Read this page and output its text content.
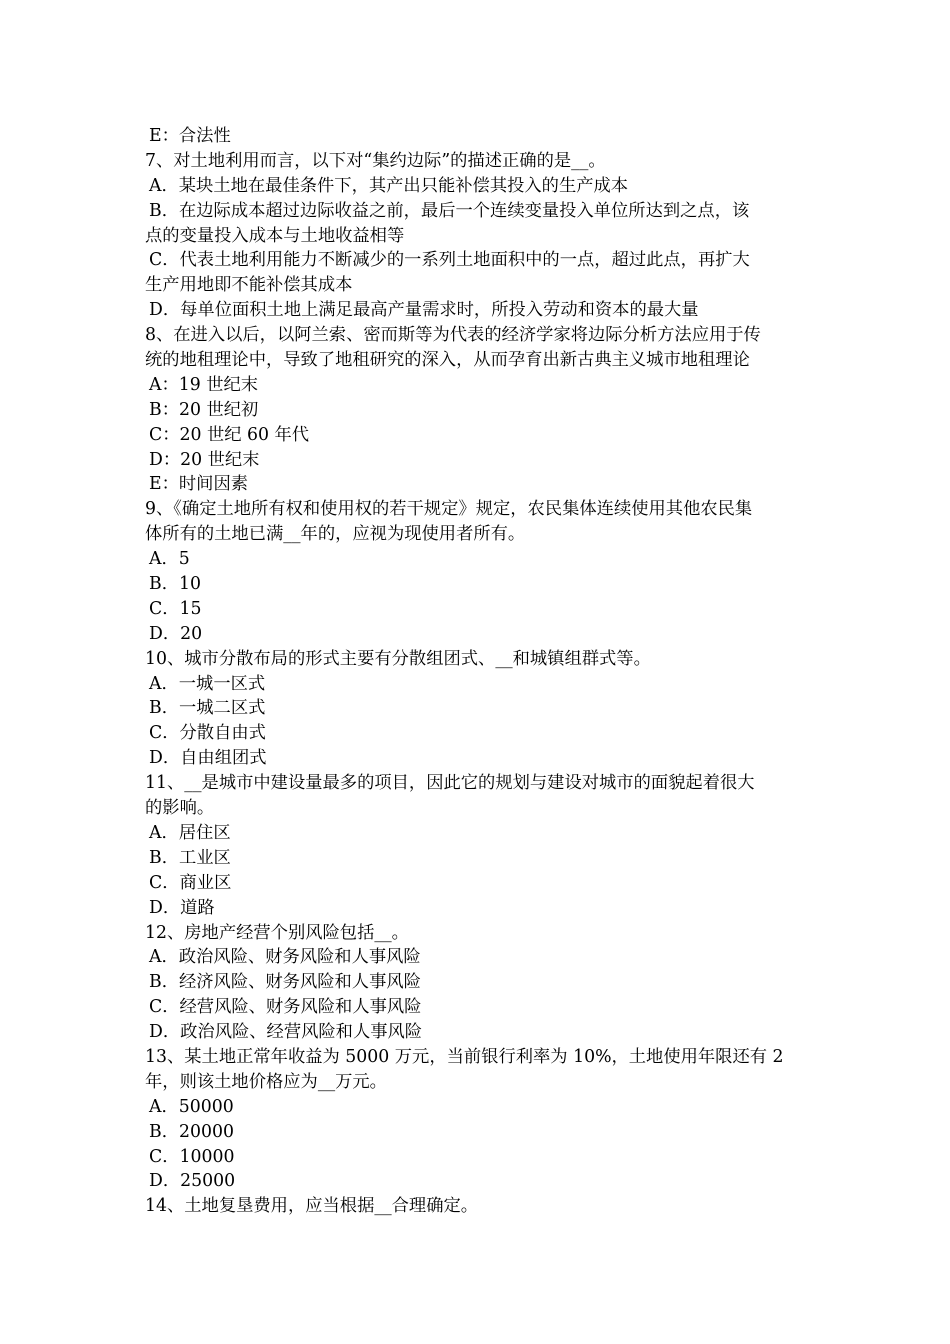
E：合法性
7、对土地利用而言，以下对“集约边际”的描述正确的是__。
A．某块土地在最佳条件下，其产出只能补偿其投入的生产成本
B．在边际成本超过边际收益之前，最后一个连续变量投入单位所达到之点，该
点的变量投入成本与土地收益相等
C．代表土地利用能力不断减少的一系列土地面积中的一点，超过此点，再扩大
生产用地即不能补偿其成本
D．每单位面积土地上满足最高产量需求时，所投入劳动和资本的最大量
8、在进入以后，以阿兰索、密而斯等为代表的经济学家将边际分析方法应用于传
统的地租理论中，导致了地租研究的深入，从而孕育出新古典主义城市地租理论
A：19 世纪末
B：20 世纪初
C：20 世纪 60 年代
D：20 世纪末
E：时间因素
9、《确定土地所有权和使用权的若干规定》规定，农民集体连续使用其他农民集
体所有的土地已满__年的，应视为现使用者所有。
A．5
B．10
C．15
D．20
10、城市分散布局的形式主要有分散组团式、__和城镇组群式等。
A．一城一区式
B．一城二区式
C．分散自由式
D．自由组团式
11、__是城市中建设量最多的项目，因此它的规划与建设对城市的面貌起着很大
的影响。
A．居住区
B．工业区
C．商业区
D．道路
12、房地产经营个别风险包括__。
A．政治风险、财务风险和人事风险
B．经济风险、财务风险和人事风险
C．经营风险、财务风险和人事风险
D．政治风险、经营风险和人事风险
13、某土地正常年收益为 5000 万元，当前银行利率为 10%，土地使用年限还有 2
年，则该土地价格应为__万元。
A．50000
B．20000
C．10000
D．25000
14、土地复垦费用，应当根据__合理确定。
